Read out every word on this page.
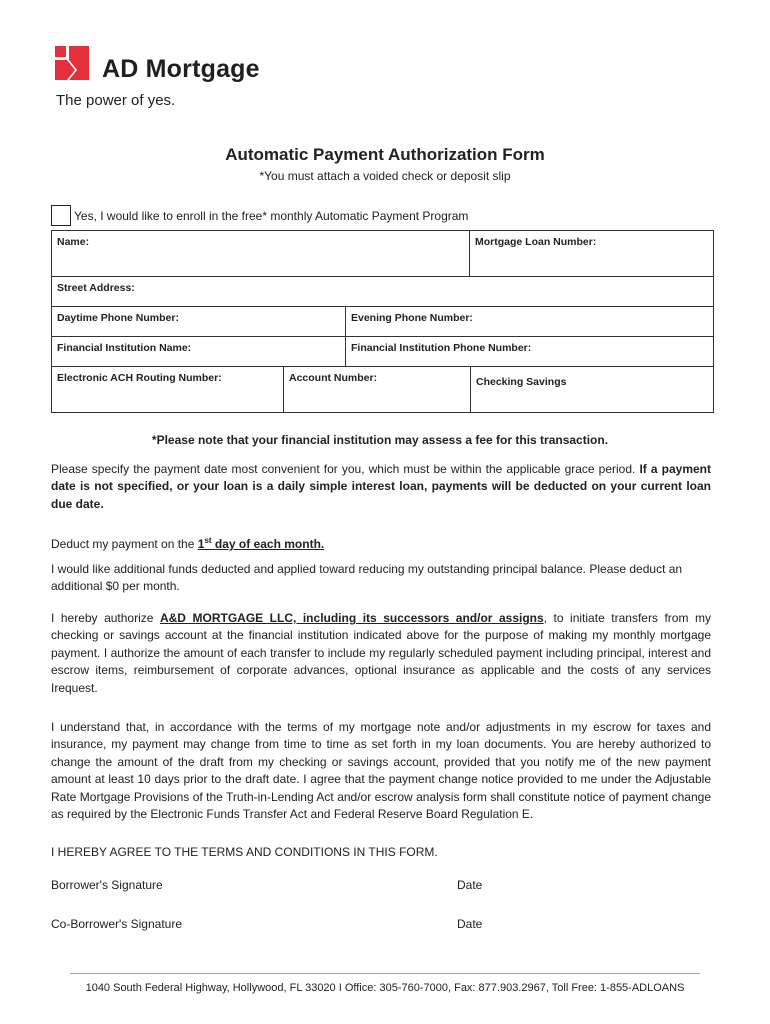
AD Mortgage
The power of yes.
Automatic Payment Authorization Form
*You must attach a voided check or deposit slip
Yes, I would like to enroll in the free* monthly Automatic Payment Program
Name:	Mortgage Loan Number:
Street Address:
Daytime Phone Number:	Evening Phone Number:
Financial Institution Name:	Financial Institution Phone Number:
Electronic ACH Routing Number:	Account Number:	Checking Savings
*Please note that your financial institution may assess a fee for this transaction.

Please specify the payment date most convenient for you, which must be within the applicable grace period. If a payment date is not specified, or your loan is a daily simple interest loan, payments will be deducted on your current loan due date.

Deduct my payment on the 1st day of each month.

I would like additional funds deducted and applied toward reducing my outstanding principal balance. Please deduct an additional $0 per month.

I hereby authorize A&D MORTGAGE LLC, including its successors and/or assigns, to initiate transfers from my checking or savings account at the financial institution indicated above for the purpose of making my monthly mortgage payment. I authorize the amount of each transfer to include my regularly scheduled payment including principal, interest and escrow items, reimbursement of corporate advances, optional insurance as applicable and the costs of any services Irequest.

I understand that, in accordance with the terms of my mortgage note and/or adjustments in my escrow for taxes and insurance, my payment may change from time to time as set forth in my loan documents. You are hereby authorized to change the amount of the draft from my checking or savings account, provided that you notify me of the new payment amount at least 10 days prior to the draft date. I agree that the payment change notice provided to me under the Adjustable Rate Mortgage Provisions of the Truth-in-Lending Act and/or escrow analysis form shall constitute notice of payment change as required by the Electronic Funds Transfer Act and Federal Reserve Board Regulation E.

I HEREBY AGREE TO THE TERMS AND CONDITIONS IN THIS FORM.

Borrower's Signature	Date
Co-Borrower's Signature	Date
1040 South Federal Highway, Hollywood, FL 33020 I Office: 305-760-7000, Fax: 877.903.2967, Toll Free: 1-855-ADLOANS
